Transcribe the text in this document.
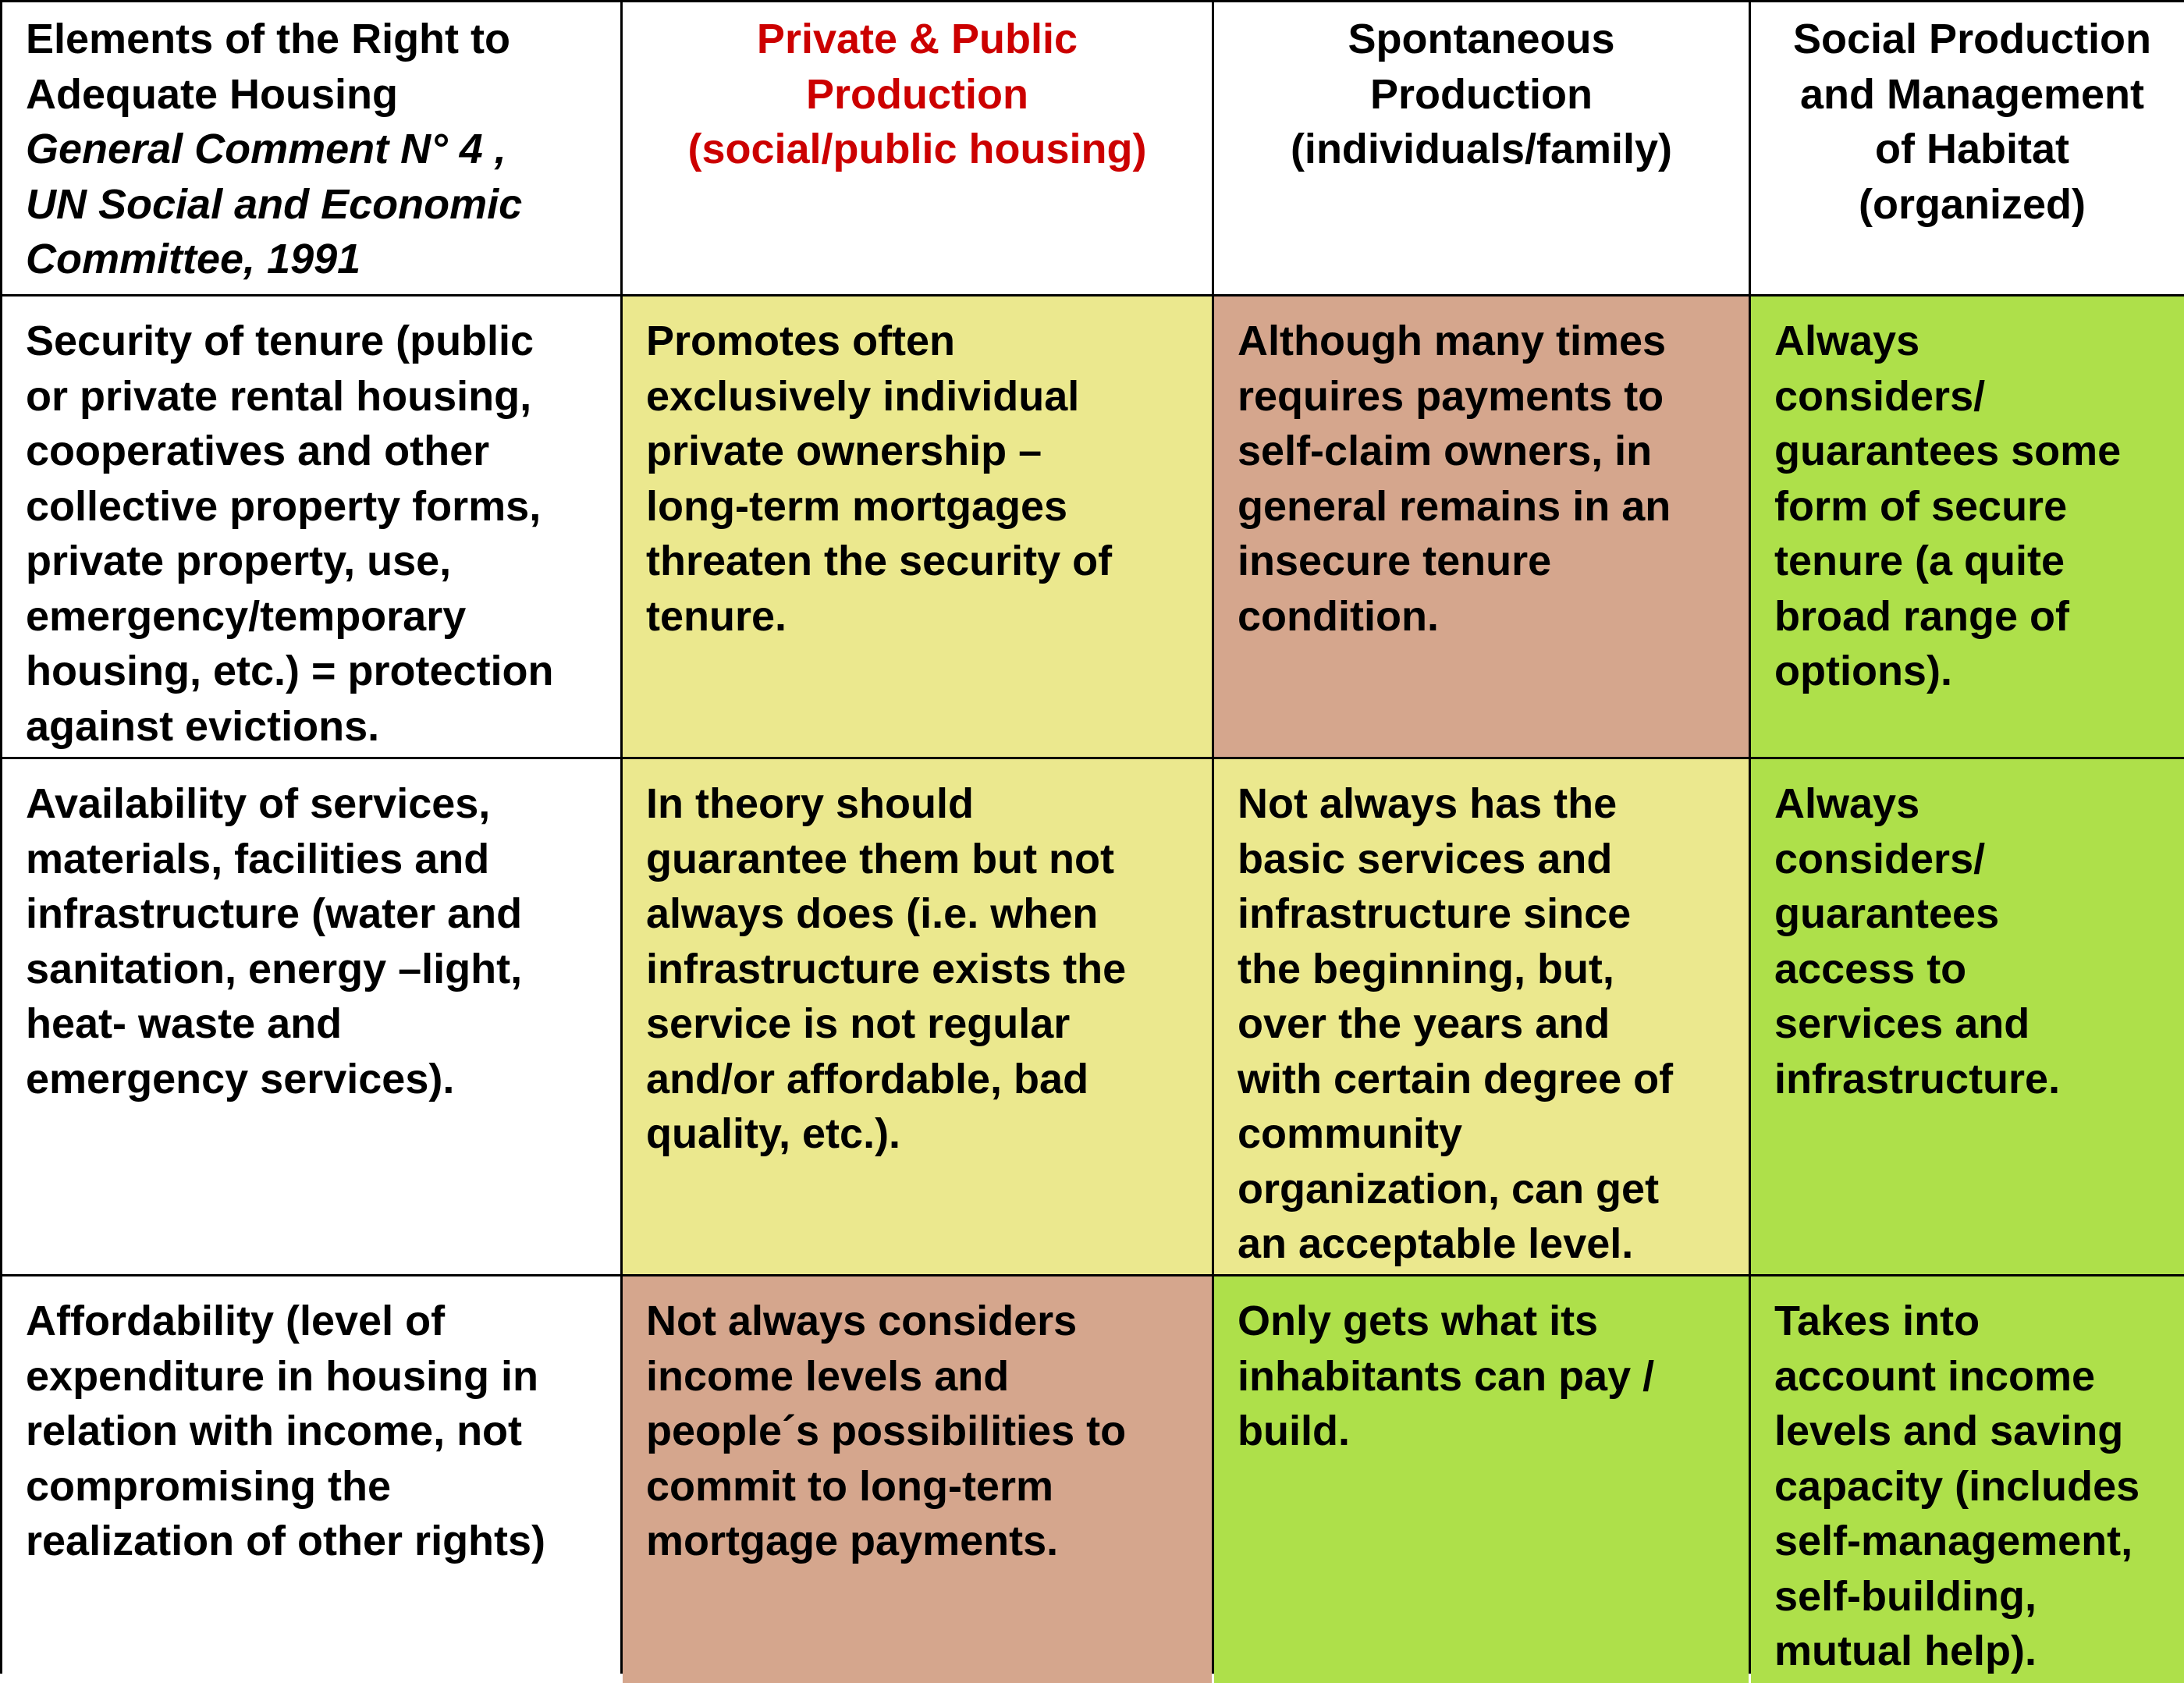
Elements of the Right to
Adequate Housing
General Comment N° 4 ,
UN Social and Economic
Committee, 1991
Private & Public
Production
(social/public housing)
Spontaneous
Production
(individuals/family)
Social Production
and Management
of Habitat
(organized)
Security of tenure (public
or private rental housing,
cooperatives and other
collective property forms,
private property, use,
emergency/temporary
housing, etc.) = protection
against evictions.
Promotes often
exclusively individual
private ownership –
long-term mortgages
threaten the security of
tenure.
Although many times
requires payments to
self-claim owners, in
general remains in an
insecure tenure
condition.
Always
considers/
guarantees some
form of secure
tenure (a quite
broad range of
options).
Availability of services,
materials, facilities and
infrastructure (water and
sanitation, energy –light,
heat- waste and
emergency services).
In theory should
guarantee them but not
always does (i.e. when
infrastructure exists the
service is not regular
and/or affordable, bad
quality, etc.).
Not always has the
basic services and
infrastructure since
the beginning, but,
over the years and
with certain degree of
community
organization, can get
an acceptable level.
Always
considers/
guarantees
access to
services and
infrastructure.
Affordability (level of
expenditure in housing in
relation with income, not
compromising the
realization of other rights)
Not always considers
income levels and
people´s possibilities to
commit to long-term
mortgage payments.
Only gets what its
inhabitants can pay /
build.
Takes into
account income
levels and saving
capacity (includes
self-management,
self-building,
mutual help).
